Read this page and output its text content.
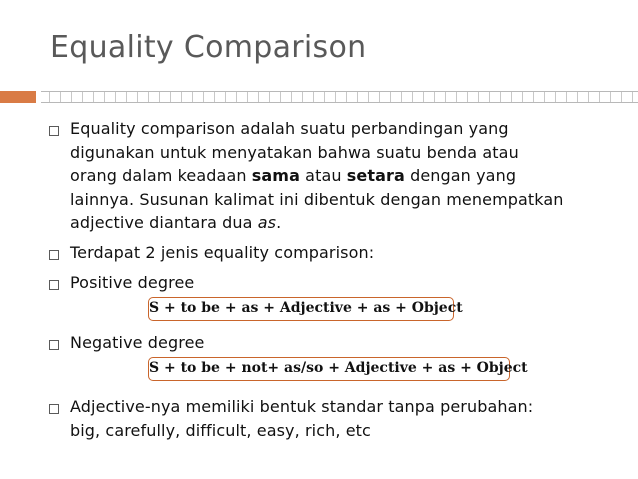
Equality Comparison
Equality comparison adalah suatu perbandingan yang
digunakan untuk menyatakan bahwa suatu benda atau
orang dalam keadaan sama atau setara dengan yang
lainnya. Susunan kalimat ini dibentuk dengan menempatkan
adjective diantara dua as.
Terdapat 2 jenis equality comparison:
Positive degree
S + to be + as + Adjective + as + Object
Negative degree
S + to be + not+ as/so + Adjective + as + Object
Adjective-nya memiliki bentuk standar tanpa perubahan:
big, carefully, difficult, easy, rich, etc
